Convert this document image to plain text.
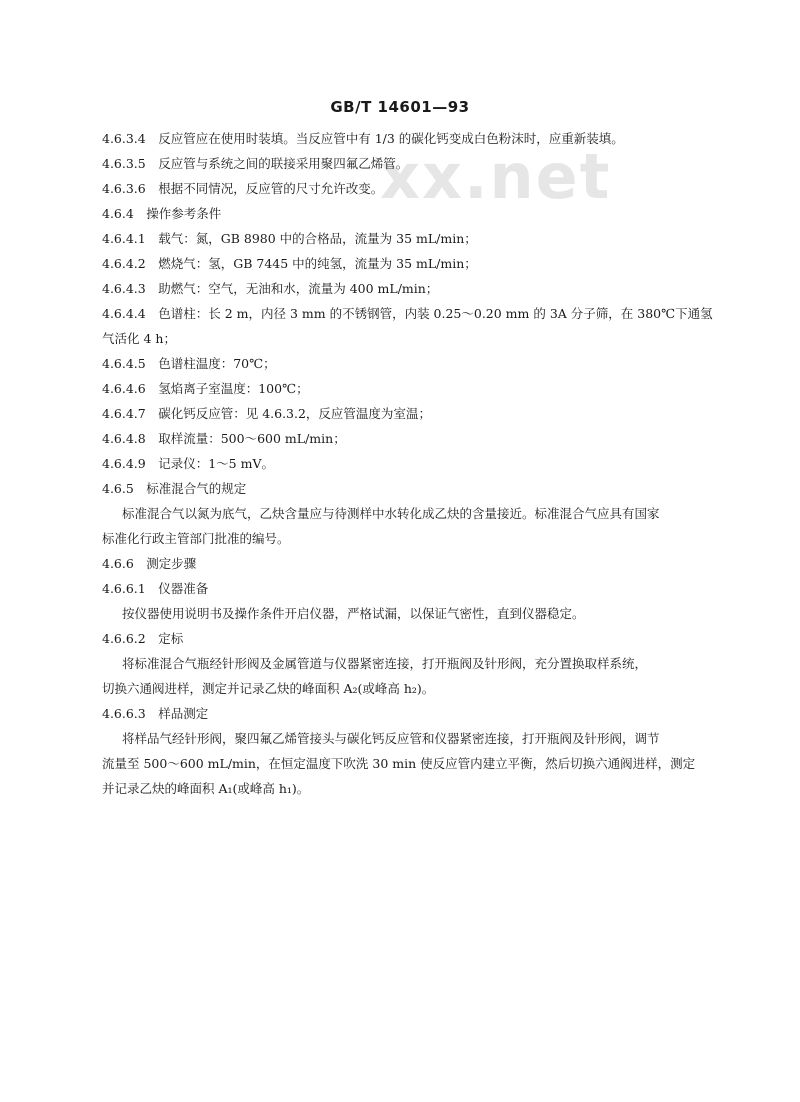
xx.net
GB/T 14601—93
4.6.3.4　反应管应在使用时装填。当反应管中有 1/3 的碳化钙变成白色粉沫时，应重新装填。
4.6.3.5　反应管与系统之间的联接采用聚四氟乙烯管。
4.6.3.6　根据不同情况，反应管的尺寸允许改变。
4.6.4　操作参考条件
4.6.4.1　载气：氮，GB 8980 中的合格品，流量为 35 mL/min；
4.6.4.2　燃烧气：氢，GB 7445 中的纯氢，流量为 35 mL/min；
4.6.4.3　助燃气：空气，无油和水，流量为 400 mL/min；
4.6.4.4　色谱柱：长 2 m，内径 3 mm 的不锈钢管，内装 0.25～0.20 mm 的 3A 分子筛，在 380℃下通氢
气活化 4 h；
4.6.4.5　色谱柱温度：70℃；
4.6.4.6　氢焰离子室温度：100℃；
4.6.4.7　碳化钙反应管：见 4.6.3.2，反应管温度为室温；
4.6.4.8　取样流量：500～600 mL/min；
4.6.4.9　记录仪：1～5 mV。
4.6.5　标准混合气的规定
标准混合气以氮为底气，乙炔含量应与待测样中水转化成乙炔的含量接近。标准混合气应具有国家
标准化行政主管部门批准的编号。
4.6.6　测定步骤
4.6.6.1　仪器准备
按仪器使用说明书及操作条件开启仪器，严格试漏，以保证气密性，直到仪器稳定。
4.6.6.2　定标
将标准混合气瓶经针形阀及金属管道与仪器紧密连接，打开瓶阀及针形阀，充分置换取样系统，
切换六通阀进样，测定并记录乙炔的峰面积 A₂(或峰高 h₂)。
4.6.6.3　样品测定
将样品气经针形阀，聚四氟乙烯管接头与碳化钙反应管和仪器紧密连接，打开瓶阀及针形阀，调节
流量至 500～600 mL/min，在恒定温度下吹洗 30 min 使反应管内建立平衡，然后切换六通阀进样，测定
并记录乙炔的峰面积 A₁(或峰高 h₁)。
